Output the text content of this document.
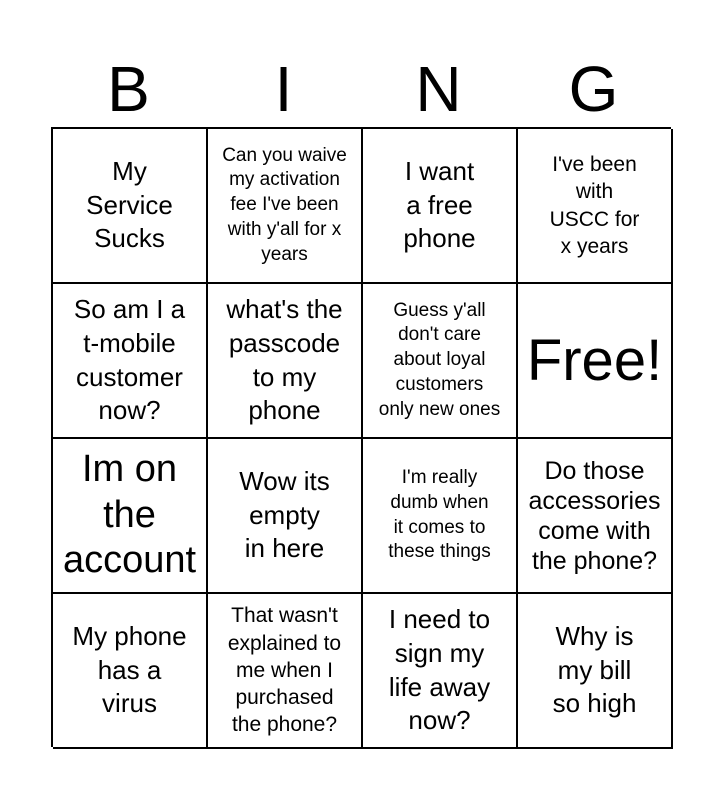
B	I	N	G
My
Service
Sucks
Can you waive
my activation
fee I've been
with y'all for x
years
I want
a free
phone
I've been
with
USCC for
x years
So am I a
t-mobile
customer
now?
what's the
passcode
to my
phone
Guess y'all
don't care
about loyal
customers
only new ones
Free!
Im on
the
account
Wow its
empty
in here
I'm really
dumb when
it comes to
these things
Do those
accessories
come with
the phone?
My phone
has a
virus
That wasn't
explained to
me when I
purchased
the phone?
I need to
sign my
life away
now?
Why is
my bill
so high
